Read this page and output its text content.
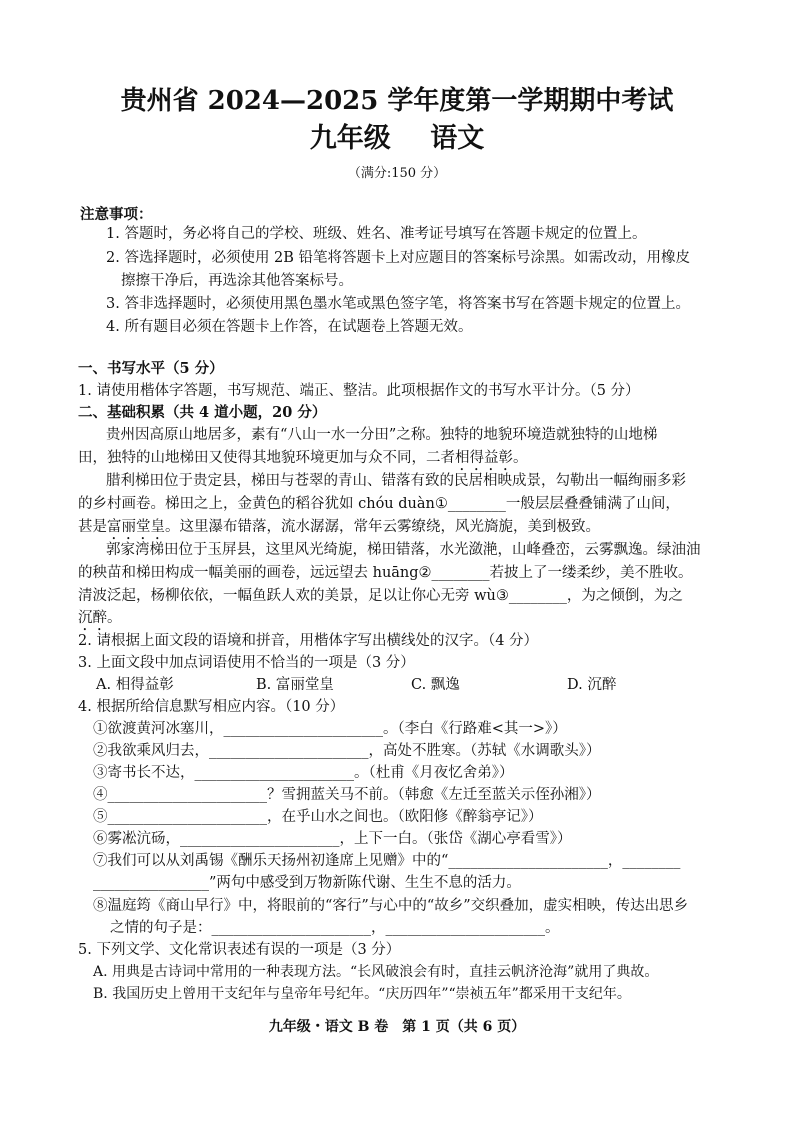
贵州省 2024—2025 学年度第一学期期中考试
九年级 语文
（满分:150 分）
注意事项：
1. 答题时，务必将自己的学校、班级、姓名、准考证号填写在答题卡规定的位置上。
2. 答选择题时，必须使用 2B 铅笔将答题卡上对应题目的答案标号涂黑。如需改动，用橡皮
擦擦干净后，再选涂其他答案标号。
3. 答非选择题时，必须使用黑色墨水笔或黑色签字笔，将答案书写在答题卡规定的位置上。
4. 所有题目必须在答题卡上作答，在试题卷上答题无效。
一、书写水平（5 分）
1. 请使用楷体字答题，书写规范、端正、整洁。此项根据作文的书写水平计分。（5 分）
二、基础积累（共 4 道小题，20 分）
贵州因高原山地居多，素有“八山一水一分田”之称。独特的地貌环境造就独特的山地梯
田，独特的山地梯田又使得其地貌环境更加与众不同，二者相得益彰。
腊利梯田位于贵定县，梯田与苍翠的青山、错落有致的民居相映成景，勾勒出一幅绚丽多彩
的乡村画卷。梯田之上，金黄色的稻谷犹如 chóu duàn①________一般层层叠叠铺满了山间，
甚是富丽堂皇。这里瀑布错落，流水潺潺，常年云雾缭绕，风光旖旎，美到极致。
郭家湾梯田位于玉屏县，这里风光绮旎，梯田错落，水光潋滟，山峰叠峦，云雾飘逸。绿油油
的秧苗和梯田构成一幅美丽的画卷，远远望去 huāng②________若披上了一缕柔纱，美不胜收。
清波泛起，杨柳依依，一幅鱼跃人欢的美景，足以让你心无旁 wù③________，为之倾倒，为之
沉醉。
2. 请根据上面文段的语境和拼音，用楷体字写出横线处的汉字。（4 分）
3. 上面文段中加点词语使用不恰当的一项是（3 分）
A. 相得益彰	B. 富丽堂皇	C. 飘逸	D. 沉醉
4. 根据所给信息默写相应内容。（10 分）
①欲渡黄河冰塞川，______________________。（李白《行路难<其一>》）
②我欲乘风归去，______________________，高处不胜寒。（苏轼《水调歌头》）
③寄书长不达，______________________。（杜甫《月夜忆舍弟》）
④______________________？雪拥蓝关马不前。（韩愈《左迁至蓝关示侄孙湘》）
⑤______________________，在乎山水之间也。（欧阳修《醉翁亭记》）
⑥雾凇沆砀，______________________，上下一白。（张岱《湖心亭看雪》）
⑦我们可以从刘禹锡《酬乐天扬州初逢席上见赠》中的“______________________，________
________________”两句中感受到万物新陈代谢、生生不息的活力。
⑧温庭筠《商山早行》中，将眼前的“客行”与心中的“故乡”交织叠加，虚实相映，传达出思乡
之情的句子是：______________________，______________________。
5. 下列文学、文化常识表述有误的一项是（3 分）
A. 用典是古诗词中常用的一种表现方法。“长风破浪会有时，直挂云帆济沧海”就用了典故。
B. 我国历史上曾用干支纪年与皇帝年号纪年。“庆历四年”“崇祯五年”都采用干支纪年。
九年级・语文 B 卷　第 1 页（共 6 页）
